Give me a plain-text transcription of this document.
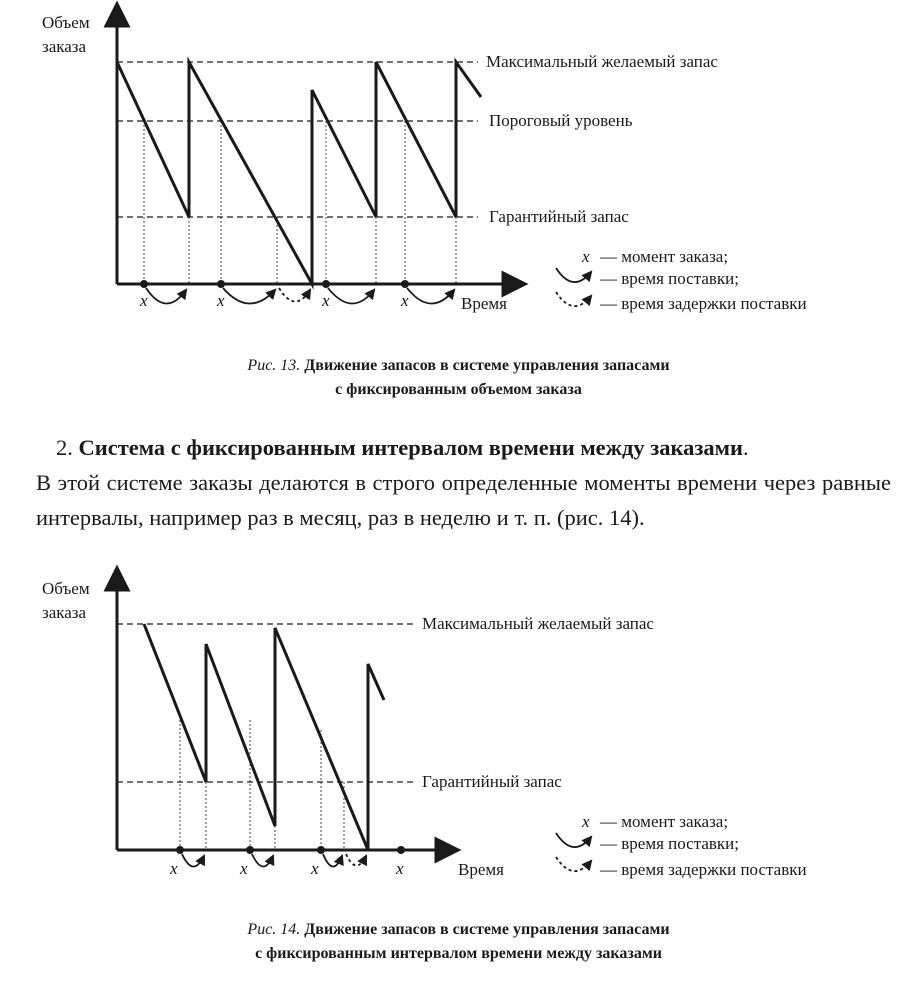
Объем
заказа
x	x	x	x	Время
Максимальный желаемый запас
Пороговый уровень
Гарантийный запас
x — момент заказа;
— время поставки;
— время задержки поставки
Объем
заказа
x	x	x	x	Время
Максимальный желаемый запас
Гарантийный запас
x — момент заказа;
— время поставки;
— время задержки поставки
Рис. 13. Движение запасов в системе управления запасами
с фиксированным объемом заказа

2. Система с фиксированным интервалом времени между заказами.

В этой системе заказы делаются в строго определенные моменты времени через равные интервалы, например раз в месяц, раз в неделю и т. п. (рис. 14).

Рис. 14. Движение запасов в системе управления запасами
с фиксированным интервалом времени между заказами
